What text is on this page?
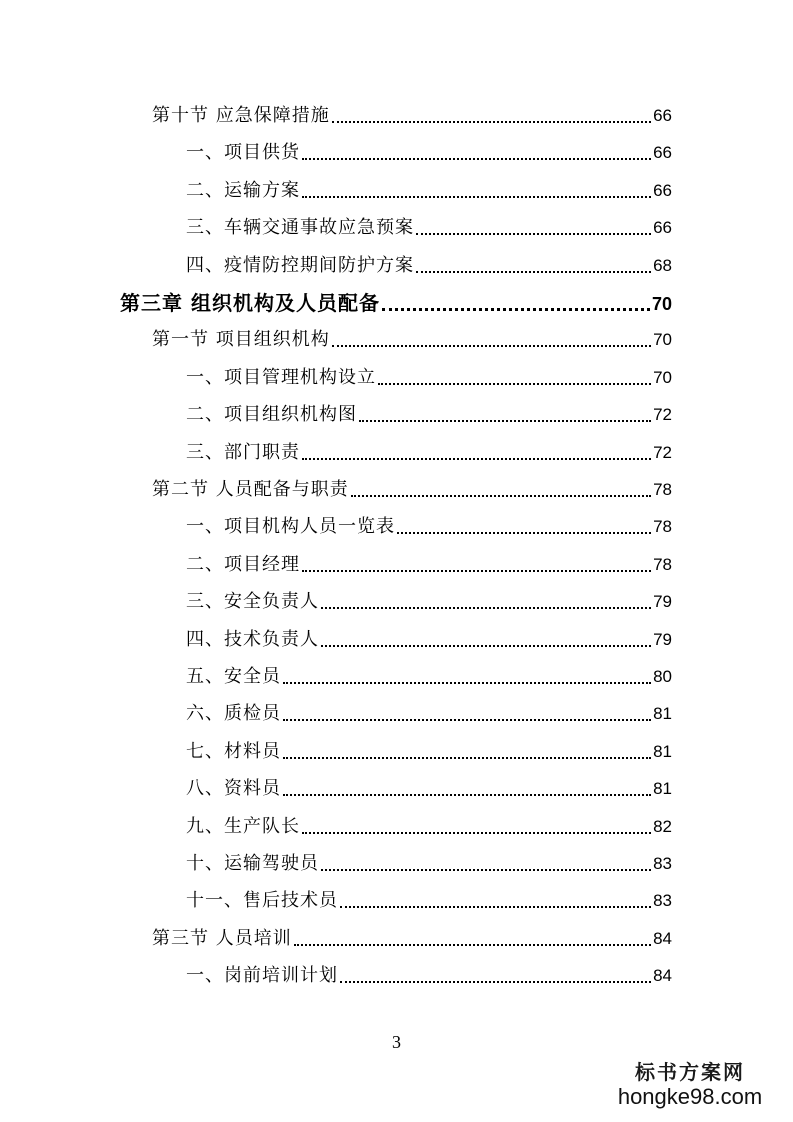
第十节 应急保障措施	66
一、项目供货	66
二、运输方案	66
三、车辆交通事故应急预案	66
四、疫情防控期间防护方案	68
第三章 组织机构及人员配备	70
第一节 项目组织机构	70
一、项目管理机构设立	70
二、项目组织机构图	72
三、部门职责	72
第二节 人员配备与职责	78
一、项目机构人员一览表	78
二、项目经理	78
三、安全负责人	79
四、技术负责人	79
五、安全员	80
六、质检员	81
七、材料员	81
八、资料员	81
九、生产队长	82
十、运输驾驶员	83
十一、售后技术员	83
第三节 人员培训	84
一、岗前培训计划	84
3
标书方案网
hongke98.com
